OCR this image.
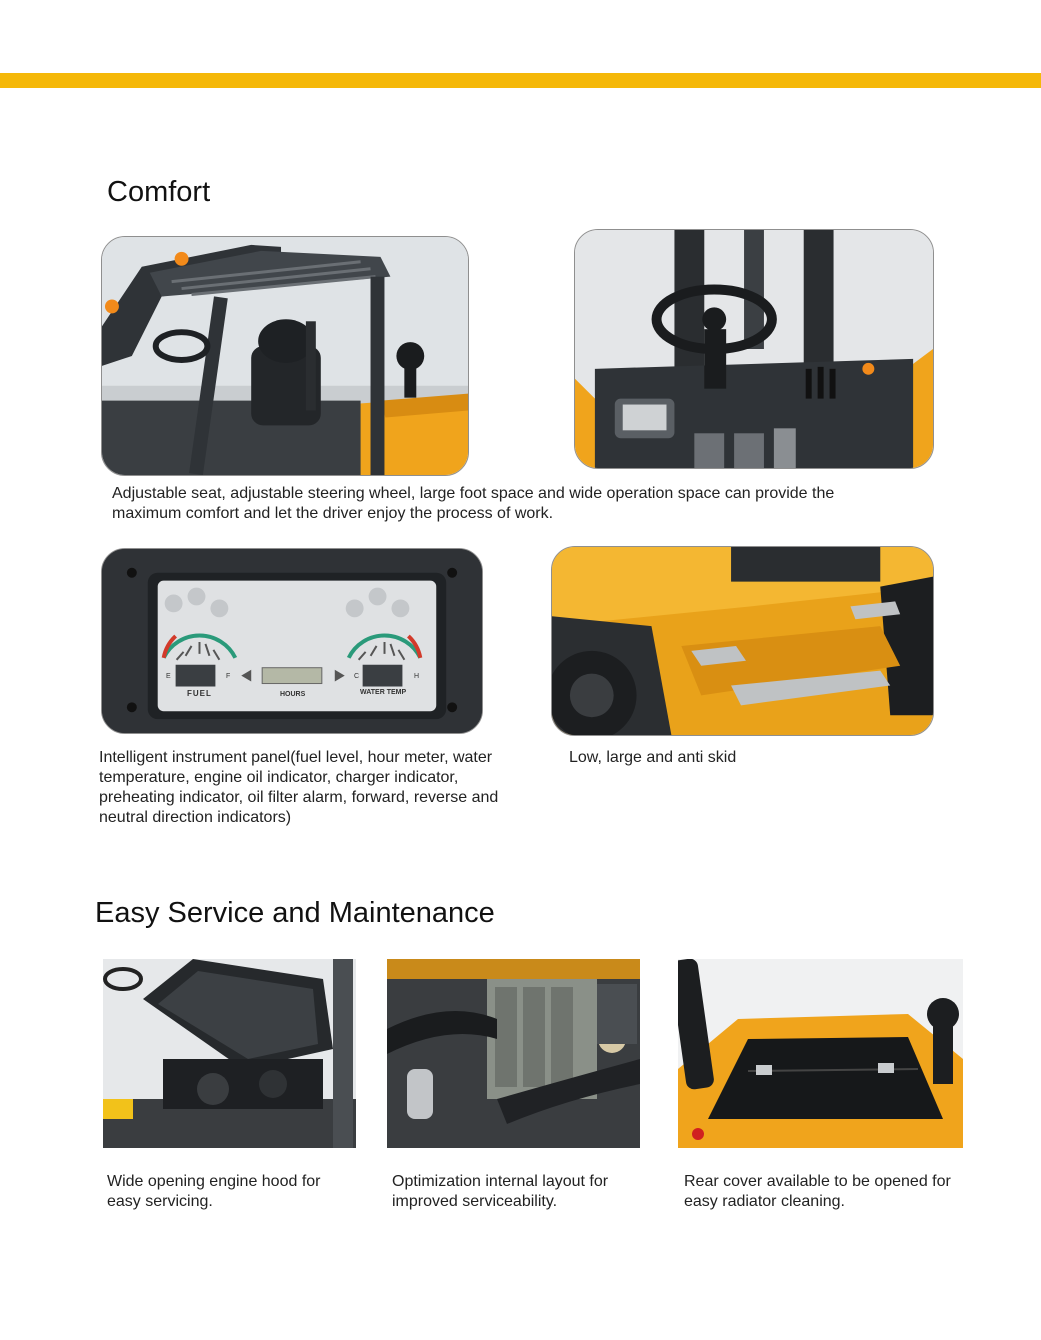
Comfort

Adjustable seat, adjustable steering wheel, large foot space and wide operation space can provide the maximum comfort and let the driver enjoy the process of work.

FUEL	HOURS	WATER TEMP
E	F	C	H

Intelligent instrument panel(fuel level, hour meter, water temperature, engine oil indicator, charger indicator, preheating indicator, oil filter alarm, forward, reverse and neutral direction indicators)

Low, large and anti skid

Easy Service and Maintenance

Wide opening engine hood for easy servicing.

Optimization internal layout for improved serviceability.

Rear cover available to be opened for easy radiator cleaning.
